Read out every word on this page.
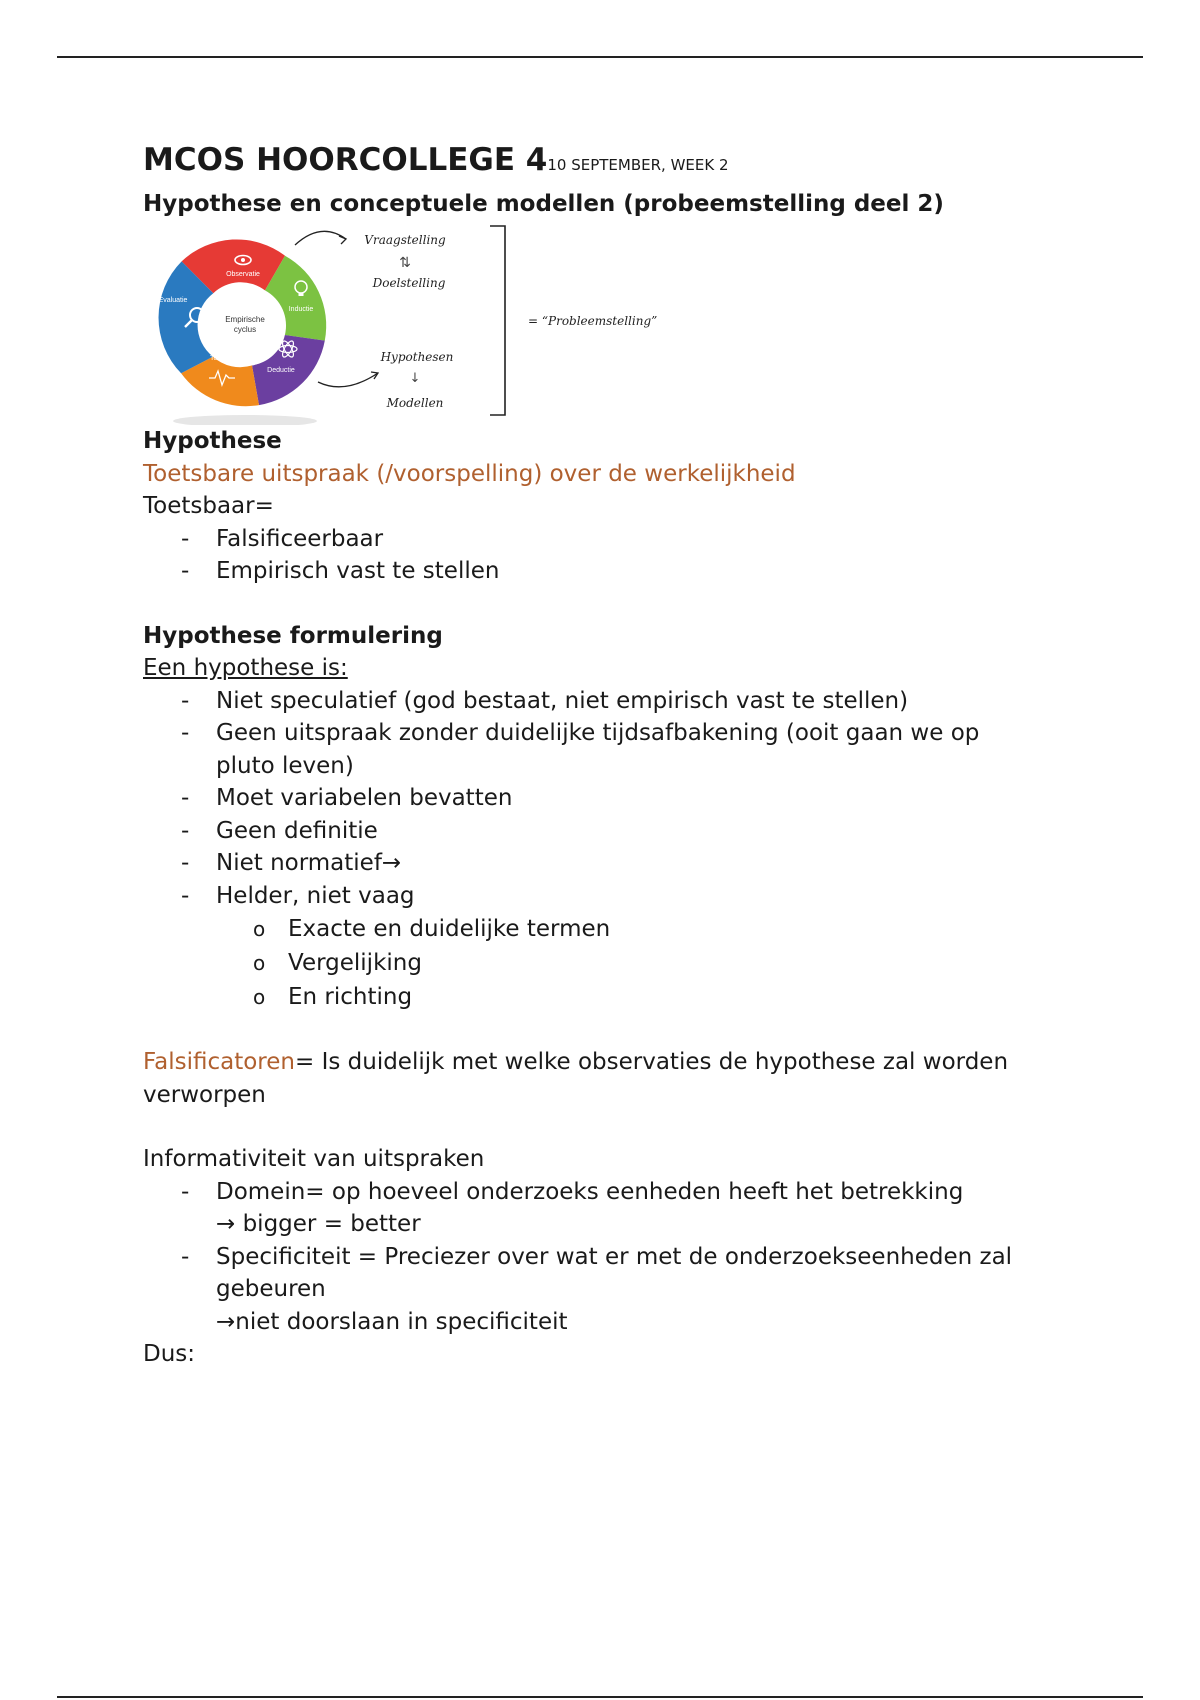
MCOS HOORCOLLEGE 410 SEPTEMBER, WEEK 2
Hypothese en conceptuele modellen (probeemstelling deel 2)
Empirische
cyclus
Observatie
Inductie
Deductie
Toetsing
Evaluatie
Vraagstelling
⇅
Doelstelling
Hypothesen
↓
Modellen
= “Probleemstelling”
Hypothese
Toetsbare uitspraak (/voorspelling) over de werkelijkheid
Toetsbaar=
- Falsificeerbaar
- Empirisch vast te stellen
Hypothese formulering
Een hypothese is:
- Niet speculatief (god bestaat, niet empirisch vast te stellen)
- Geen uitspraak zonder duidelijke tijdsafbakening (ooit gaan we op
pluto leven)
- Moet variabelen bevatten
- Geen definitie
- Niet normatief→
- Helder, niet vaag
o Exacte en duidelijke termen
o Vergelijking
o En richting
Falsificatoren= Is duidelijk met welke observaties de hypothese zal worden
verworpen
Informativiteit van uitspraken
- Domein= op hoeveel onderzoeks eenheden heeft het betrekking
→ bigger = better
- Specificiteit = Preciezer over wat er met de onderzoekseenheden zal
gebeuren
→niet doorslaan in specificiteit
Dus:
